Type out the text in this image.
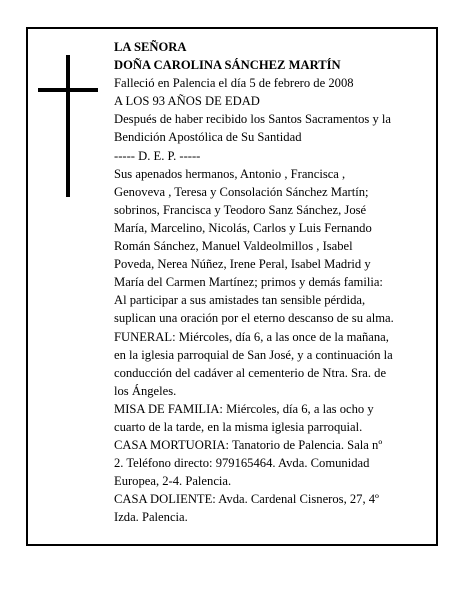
LA SEÑORA
DOÑA CAROLINA SÁNCHEZ MARTÍN
Falleció en Palencia el día 5 de febrero de 2008
A LOS 93 AÑOS DE EDAD
Después de haber recibido los Santos Sacramentos y la
Bendición Apostólica de Su Santidad
----- D. E. P. -----
Sus apenados hermanos, Antonio , Francisca ,
Genoveva , Teresa y Consolación Sánchez Martín;
sobrinos, Francisca y Teodoro Sanz Sánchez, José
María, Marcelino, Nicolás, Carlos y Luis Fernando
Román Sánchez, Manuel Valdeolmillos , Isabel
Poveda, Nerea Núñez, Irene Peral, Isabel Madrid y
María del Carmen Martínez; primos y demás familia:
Al participar a sus amistades tan sensible pérdida,
suplican una oración por el eterno descanso de su alma.
FUNERAL: Miércoles, día 6, a las once de la mañana,
en la iglesia parroquial de San José, y a continuación la
conducción del cadáver al cementerio de Ntra. Sra. de
los Ángeles.
MISA DE FAMILIA: Miércoles, día 6, a las ocho y
cuarto de la tarde, en la misma iglesia parroquial.
CASA MORTUORIA: Tanatorio de Palencia. Sala nº
2. Teléfono directo: 979165464. Avda. Comunidad
Europea, 2-4. Palencia.
CASA DOLIENTE: Avda. Cardenal Cisneros, 27, 4º
Izda. Palencia.
